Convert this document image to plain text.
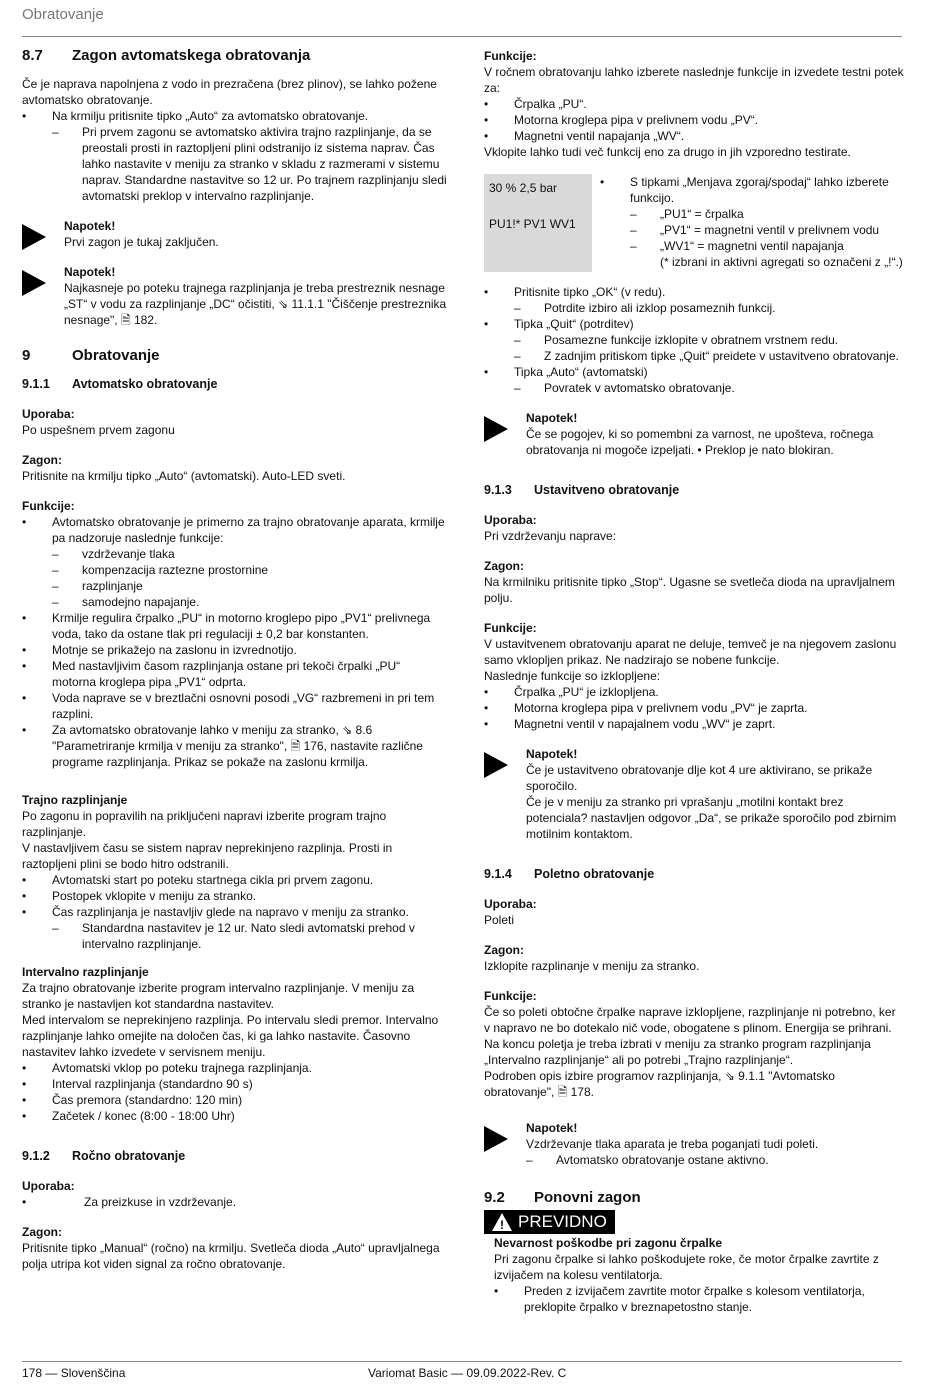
Obratovanje
8.7	Zagon avtomatskega obratovanja

Če je naprava napolnjena z vodo in prezračena (brez plinov), se lahko požene avtomatsko obratovanje.

• Na krmilju pritisnite tipko „Auto“ za avtomatsko obratovanje.
– Pri prvem zagonu se avtomatsko aktivira trajno razplinjanje, da se preostali prosti in raztopljeni plini odstranijo iz sistema naprav. Čas lahko nastavite v meniju za stranko v skladu z razmerami v sistemu naprav. Standardne nastavitve so 12 ur. Po trajnem razplinjanju sledi avtomatski preklop v intervalno razplinjanje.
Napotek!
Prvi zagon je tukaj zaključen.
Napotek!
Najkasneje po poteku trajnega razplinjanja je treba prestreznik nesnage „ST“ v vodu za razplinjanje „DC“ očistiti, ⇘ 11.1.1 "Čiščenje prestreznika nesnage", 🗎 182.
9	Obratovanje
9.1.1	Avtomatsko obratovanje
Uporaba:

Po uspešnem prvem zagonu

Zagon:

Pritisnite na krmilju tipko „Auto“ (avtomatski). Auto-LED sveti.

Funkcije:
• Avtomatsko obratovanje je primerno za trajno obratovanje aparata, krmilje pa nadzoruje naslednje funkcije:
– vzdrževanje tlaka
– kompenzacija raztezne prostornine
– razplinjanje
– samodejno napajanje.
• Krmilje regulira črpalko „PU“ in motorno kroglepo pipo „PV1“ prelivnega voda, tako da ostane tlak pri regulaciji ± 0,2 bar konstanten.
• Motnje se prikažejo na zaslonu in izvrednotijo.
• Med nastavljivim časom razplinjanja ostane pri tekoči črpalki „PU“ motorna kroglepa pipa „PV1“ odprta.
• Voda naprave se v breztlačni osnovni posodi „VG“ razbremeni in pri tem razplini.
• Za avtomatsko obratovanje lahko v meniju za stranko, ⇘ 8.6 "Parametriranje krmilja v meniju za stranko", 🗎 176, nastavite različne programe razplinjanja. Prikaz se pokaže na zaslonu krmilja.
Trajno razplinjanje

Po zagonu in popravilih na priključeni napravi izberite program trajno razplinjanje.

V nastavljivem času se sistem naprav neprekinjeno razplinja. Prosti in raztopljeni plini se bodo hitro odstranili.

• Avtomatski start po poteku startnega cikla pri prvem zagonu.
• Postopek vklopite v meniju za stranko.
• Čas razplinjanja je nastavljiv glede na napravo v meniju za stranko.
– Standardna nastavitev je 12 ur. Nato sledi avtomatski prehod v intervalno razplinjanje.
Intervalno razplinjanje

Za trajno obratovanje izberite program intervalno razplinjanje. V meniju za stranko je nastavljen kot standardna nastavitev.

Med intervalom se neprekinjeno razplinja. Po intervalu sledi premor. Intervalno razplinjanje lahko omejite na določen čas, ki ga lahko nastavite. Časovno nastavitev lahko izvedete v servisnem meniju.

• Avtomatski vklop po poteku trajnega razplinjanja.
• Interval razplinjanja (standardno 90 s)
• Čas premora (standardno: 120 min)
• Začetek / konec (8:00 - 18:00 Uhr)
9.1.2	Ročno obratovanje
Uporaba:
• Za preizkuse in vzdrževanje.
Zagon:

Pritisnite tipko „Manual“ (ročno) na krmilju. Svetleča dioda „Auto“ upravljalnega polja utripa kot viden signal za ročno obratovanje.

Funkcije:

V ročnem obratovanju lahko izberete naslednje funkcije in izvedete testni potek za:

• Črpalka „PU“.
• Motorna kroglepa pipa v prelivnem vodu „PV“.
• Magnetni ventil napajanja „WV“.

Vklopite lahko tudi več funkcij eno za drugo in jih vzporedno testirate.

30 % 2,5 bar
PU1!* PV1 WV1
• S tipkami „Menjava zgoraj/spodaj“ lahko izberete funkcijo.
– „PU1“ = črpalka
– „PV1“ = magnetni ventil v prelivnem vodu
– „WV1“ = magnetni ventil napajanja
(* izbrani in aktivni agregati so označeni z „!“.)
• Pritisnite tipko „OK“ (v redu).
– Potrdite izbiro ali izklop posameznih funkcij.
• Tipka „Quit“ (potrditev)
– Posamezne funkcije izklopite v obratnem vrstnem redu.
– Z zadnjim pritiskom tipke „Quit“ preidete v ustavitveno obratovanje.
• Tipka „Auto“ (avtomatski)
– Povratek v avtomatsko obratovanje.
Napotek!
Če se pogojev, ki so pomembni za varnost, ne upošteva, ročnega obratovanja ni mogoče izpeljati. • Preklop je nato blokiran.
9.1.3	Ustavitveno obratovanje
Uporaba:

Pri vzdrževanju naprave:

Zagon:

Na krmilniku pritisnite tipko „Stop“. Ugasne se svetleča dioda na upravljalnem polju.

Funkcije:

V ustavitvenem obratovanju aparat ne deluje, temveč je na njegovem zaslonu samo vklopljen prikaz. Ne nadzirajo se nobene funkcije.

Naslednje funkcije so izklopljene:

• Črpalka „PU“ je izklopljena.
• Motorna kroglepa pipa v prelivnem vodu „PV“ je zaprta.
• Magnetni ventil v napajalnem vodu „WV“ je zaprt.
Napotek!
Če je ustavitveno obratovanje dlje kot 4 ure aktivirano, se prikaže sporočilo.
Če je v meniju za stranko pri vprašanju „motilni kontakt brez potenciala? nastavljen odgovor „Da“, se prikaže sporočilo pod zbirnim motilnim kontaktom.
9.1.4	Poletno obratovanje
Uporaba:

Poleti

Zagon:

Izklopite razplinanje v meniju za stranko.

Funkcije:

Če so poleti obtočne črpalke naprave izklopljene, razplinjanje ni potrebno, ker v napravo ne bo dotekalo nič vode, obogatene s plinom. Energija se prihrani.

Na koncu poletja je treba izbrati v meniju za stranko program razplinjanja „Intervalno razplinjanje“ ali po potrebi „Trajno razplinjanje“.

Podroben opis izbire programov razplinjanja, ⇘ 9.1.1 "Avtomatsko obratovanje", 🗎 178.

Napotek!
Vzdrževanje tlaka aparata je treba poganjati tudi poleti.
– Avtomatsko obratovanje ostane aktivno.
9.2	Ponovni zagon
! PREVIDNO
Nevarnost poškodbe pri zagonu črpalke
Pri zagonu črpalke si lahko poškodujete roke, če motor črpalke zavrtite z izvijačem na kolesu ventilatorja.
• Preden z izvijačem zavrtite motor črpalke s kolesom ventilatorja, preklopite črpalko v breznapetostno stanje.
178 — Slovenščina	Variomat Basic — 09.09.2022-Rev. C
